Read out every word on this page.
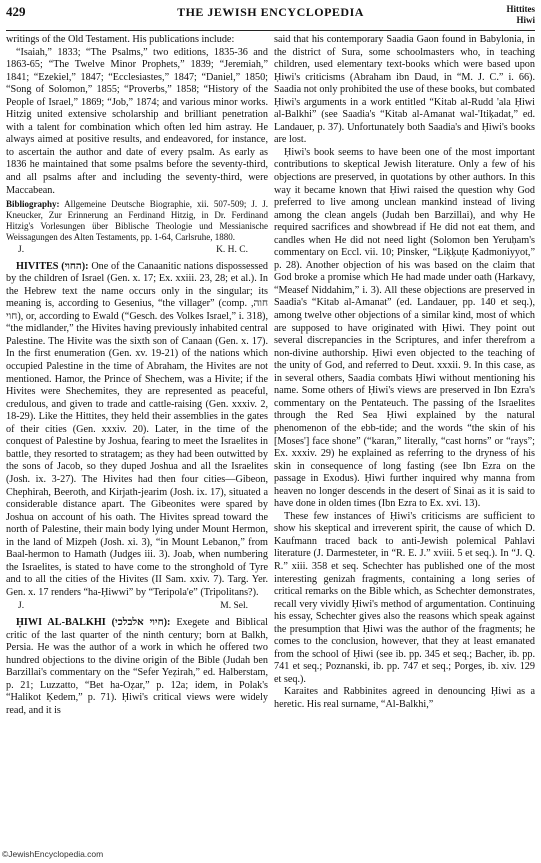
429	THE JEWISH ENCYCLOPEDIA	Hittites
Hiwi

writings of the Old Testament. His publications include:

“Isaiah,” 1833; “The Psalms,” two editions, 1835-36 and 1863-65; “The Twelve Minor Prophets,” 1839; “Jeremiah,” 1841; “Ezekiel,” 1847; “Ecclesiastes,” 1847; “Daniel,” 1850; “Song of Solomon,” 1855; “Proverbs,” 1858; “History of the People of Israel,” 1869; “Job,” 1874; and various minor works. Hitzig united extensive scholarship and brilliant penetration with a talent for combination which often led him astray. He always aimed at positive results, and endeavored, for instance, to ascertain the author and date of every psalm. As early as 1836 he maintained that some psalms before the seventy-third, and all psalms after and including the seventy-third, were Maccabean.

Bibliography: Allgemeine Deutsche Biographie, xii. 507-509; J. J. Kneucker, Zur Erinnerung an Ferdinand Hitzig, in Dr. Ferdinand Hitzig's Vorlesungen über Biblische Theologie und Messianische Weissagungen des Alten Testaments, pp. 1-64, Carlsruhe, 1880.

J.	K. H. C.

HIVITES (החוי): One of the Canaanitic nations dispossessed by the children of Israel (Gen. x. 17; Ex. xxiii. 23, 28; et al.). In the Hebrew text the name occurs only in the singular; its meaning is, according to Gesenius, “the villager” (comp. חוה, חוי), or, according to Ewald (“Gesch. des Volkes Israel,” i. 318), “the midlander,” the Hivites having previously inhabited central Palestine. The Hivite was the sixth son of Canaan (Gen. x. 17). In the first enumeration (Gen. xv. 19-21) of the nations which occupied Palestine in the time of Abraham, the Hivites are not mentioned. Hamor, the Prince of Shechem, was a Hivite; if the Hivites were Shechemites, they are represented as peaceful, credulous, and given to trade and cattle-raising (Gen. xxxiv. 2, 18-29). Like the Hittites, they held their assemblies in the gates of their cities (Gen. xxxiv. 20). Later, in the time of the conquest of Palestine by Joshua, fearing to meet the Israelites in battle, they resorted to stratagem; as they had been outwitted by the sons of Jacob, so they duped Joshua and all the Israelites (Josh. ix. 3-27). The Hivites had then four cities—Gibeon, Chephirah, Beeroth, and Kirjath-jearim (Josh. ix. 17), situated a considerable distance apart. The Gibeonites were spared by Joshua on account of his oath. The Hivites spread toward the north of Palestine, their main body lying under Mount Hermon, in the land of Mizpeh (Josh. xi. 3), “in Mount Lebanon,” from Baal-hermon to Hamath (Judges iii. 3). Joab, when numbering the Israelites, is stated to have come to the stronghold of Tyre and to all the cities of the Hivites (II Sam. xxiv. 7). Targ. Yer. Gen. x. 17 renders “ha-Ḥiwwi” by “Teripola'e” (Tripolitans?).

J.	M. Sel.

ḤIWI AL-BALKHI (חיוי אלבלכי): Exegete and Biblical critic of the last quarter of the ninth century; born at Balkh, Persia. He was the author of a work in which he offered two hundred objections to the divine origin of the Bible (Judah ben Barzillai's commentary on the “Sefer Yeẓirah,” ed. Halberstam, p. 21; Luzzatto, “Bet ha-Oẓar,” p. 12a; idem, in Polak's “Halikot Ḳedem,” p. 71). Ḥiwi's critical views were widely read, and it is

said that his contemporary Saadia Gaon found in Babylonia, in the district of Sura, some schoolmasters who, in teaching children, used elementary text-books which were based upon Ḥiwi's criticisms (Abraham ibn Daud, in “M. J. C.” i. 66). Saadia not only prohibited the use of these books, but combated Ḥiwi's arguments in a work entitled “Kitab al-Rudd 'ala Ḥiwi al-Balkhi” (see Saadia's “Kitab al-Amanat wal-'Itiḳadat,” ed. Landauer, p. 37). Unfortunately both Saadia's and Ḥiwi's books are lost.

Ḥiwi's book seems to have been one of the most important contributions to skeptical Jewish literature. Only a few of his objections are preserved, in quotations by other authors. In this way it became known that Ḥiwi raised the question why God preferred to live among unclean mankind instead of living among the clean angels (Judah ben Barzillai), and why He required sacrifices and showbread if He did not eat them, and candles when He did not need light (Solomon ben Yeruḥam's commentary on Eccl. vii. 10; Pinsker, “Liḳḳuṭe Ḳadmoniyyot,” p. 28). Another objection of his was based on the claim that God broke a promise which He had made under oath (Harkavy, “Measef Niddahim,” i. 3). All these objections are preserved in Saadia's “Kitab al-Amanat” (ed. Landauer, pp. 140 et seq.), among twelve other objections of a similar kind, most of which are supposed to have originated with Ḥiwi. They point out several discrepancies in the Scriptures, and infer therefrom a non-divine authorship. Ḥiwi even objected to the teaching of the unity of God, and referred to Deut. xxxii. 9. In this case, as in several others, Saadia combats Ḥiwi without mentioning his name. Some others of Ḥiwi's views are preserved in Ibn Ezra's commentary on the Pentateuch. The passing of the Israelites through the Red Sea Ḥiwi explained by the natural phenomenon of the ebb-tide; and the words “the skin of his [Moses'] face shone” (“karan,” literally, “cast horns” or “rays”; Ex. xxxiv. 29) he explained as referring to the dryness of his skin in consequence of long fasting (see Ibn Ezra on the passage in Exodus). Ḥiwi further inquired why manna from heaven no longer descends in the desert of Sinai as it is said to have done in olden times (Ibn Ezra to Ex. xvi. 13).

These few instances of Ḥiwi's criticisms are sufficient to show his skeptical and irreverent spirit, the cause of which D. Kaufmann traced back to anti-Jewish polemical Pahlavi literature (J. Darmesteter, in “R. E. J.” xviii. 5 et seq.). In “J. Q. R.” xiii. 358 et seq. Schechter has published one of the most interesting genizah fragments, containing a long series of critical remarks on the Bible which, as Schechter demonstrates, recall very vividly Ḥiwi's method of argumentation. Continuing his essay, Schechter gives also the reasons which speak against the presumption that Ḥiwi was the author of the fragments; he comes to the conclusion, however, that they at least emanated from the school of Ḥiwi (see ib. pp. 345 et seq.; Bacher, ib. pp. 741 et seq.; Poznanski, ib. pp. 747 et seq.; Porges, ib. xiv. 129 et seq.).

Karaites and Rabbinites agreed in denouncing Ḥiwi as a heretic. His real surname, “Al-Balkhi,”

©JewishEncyclopedia.com
